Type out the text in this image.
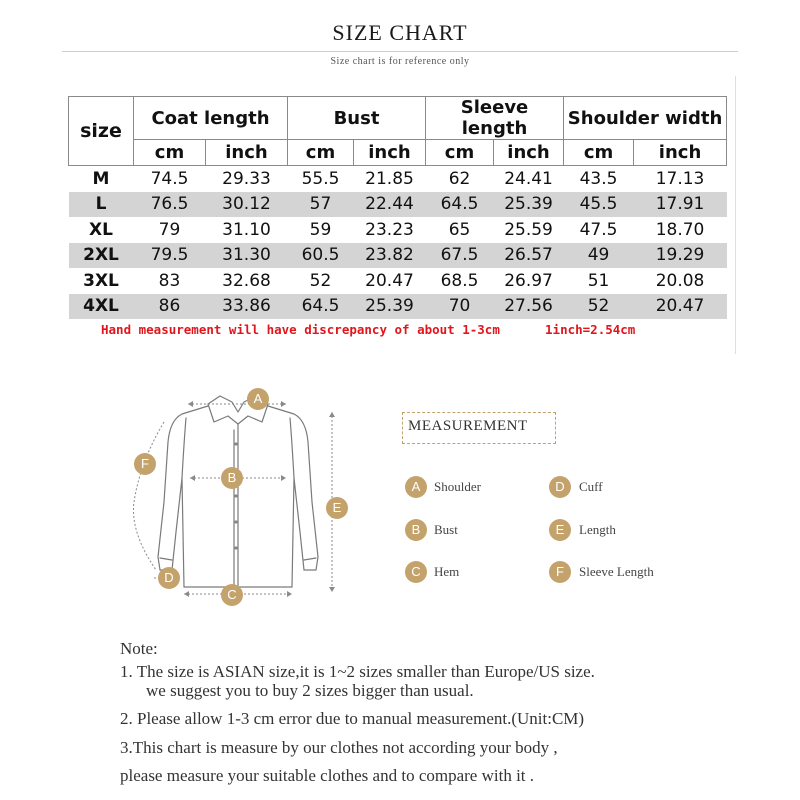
SIZE CHART
Size chart is for reference only
size	Coat length		Bust		Sleeve length		Shoulder width	
	cm	inch	cm	inch	cm	inch	cm	inch
M	74.5	29.33	55.5	21.85	62	24.41	43.5	17.13
L	76.5	30.12	57	22.44	64.5	25.39	45.5	17.91
XL	79	31.10	59	23.23	65	25.59	47.5	18.70
2XL	79.5	31.30	60.5	23.82	67.5	26.57	49	19.29
3XL	83	32.68	52	20.47	68.5	26.97	51	20.08
4XL	86	33.86	64.5	25.39	70	27.56	52	20.47
Hand measurement will have discrepancy of about 1-3cm      1inch=2.54cm
A
B
C
D
E
F
MEASUREMENT
A	Shoulder
B	Bust
C	Hem
D	Cuff
E	Length
F	Sleeve Length
Note:
1. The size is ASIAN size,it is 1~2 sizes smaller than Europe/US size.
we suggest you to buy 2 sizes bigger than usual.
2. Please allow 1-3 cm error due to manual measurement.(Unit:CM)
3.This chart is measure by our clothes not according your body ,
please measure your suitable clothes and to compare with it .
